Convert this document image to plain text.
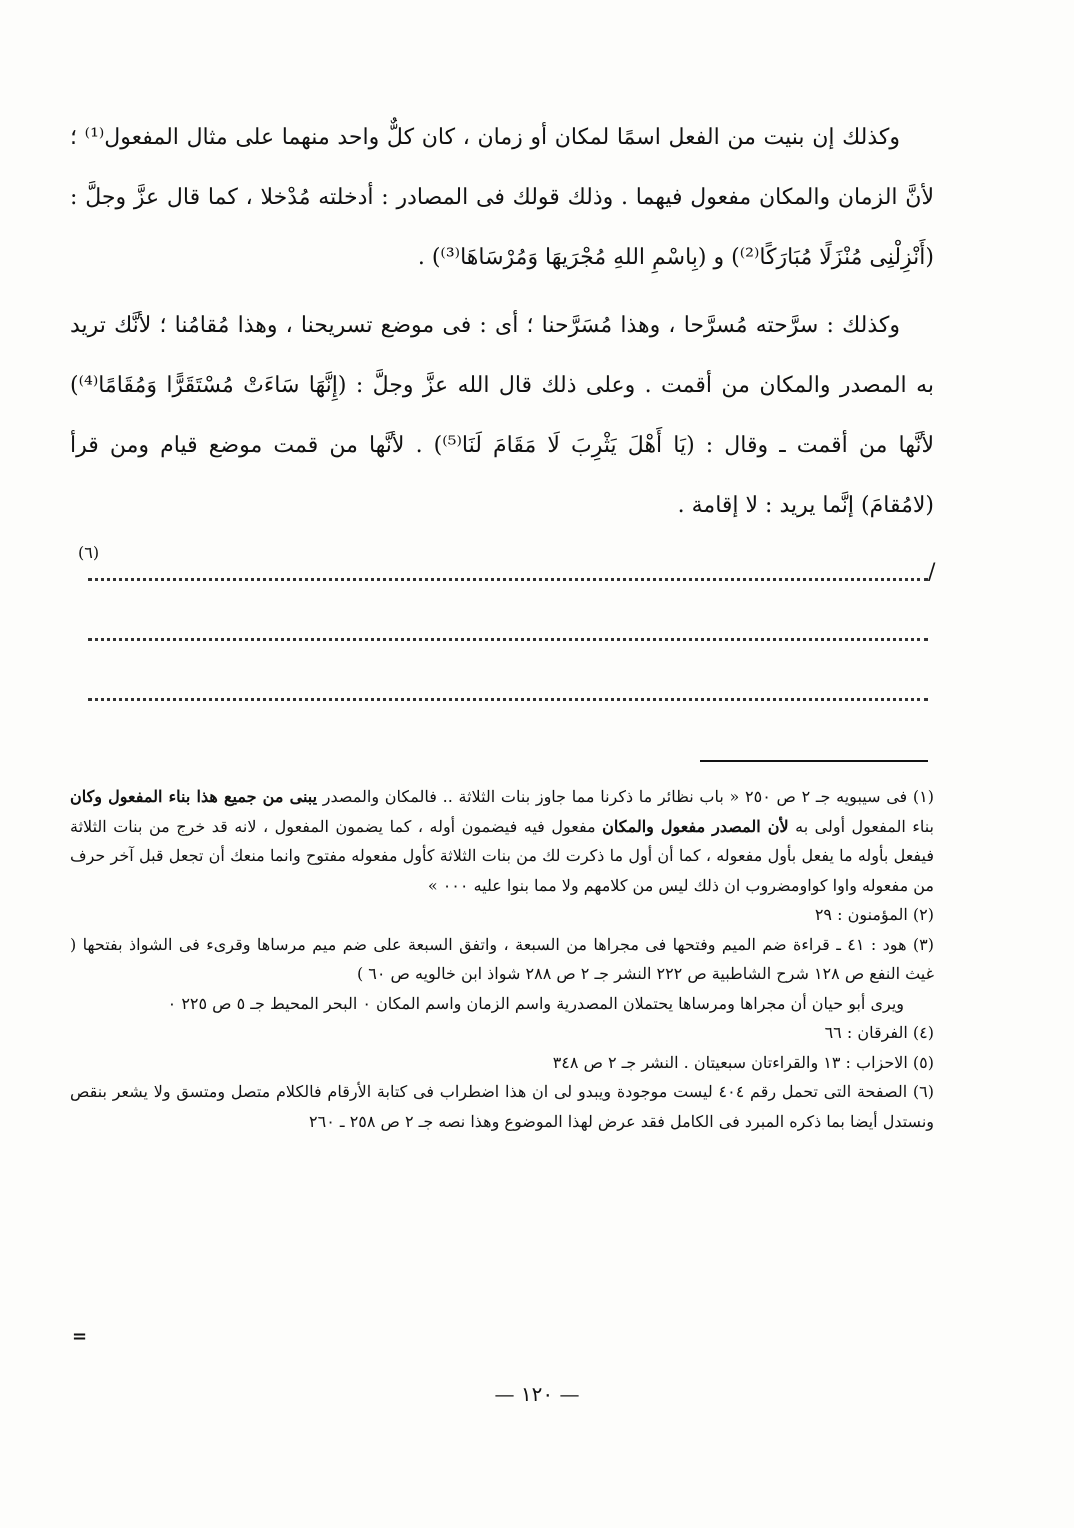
وكذلك إن بنيت من الفعل اسمًا لمكان أو زمان ، كان كلٌّ واحد منهما على مثال المفعول⁽¹⁾ ؛ لأنَّ الزمان والمكان مفعول فيهما . وذلك قولك فى المصادر : أدخلته مُدْخلا ، كما قال عزَّ وجلَّ : (أَنْزِلْنِى مُنْزَلًا مُبَارَكًا⁽²⁾) و (بِاسْمِ اللهِ مُجْرَيهَا وَمُرْسَاهَا⁽³⁾) .

وكذلك : سرَّحته مُسرَّحا ، وهذا مُسَرَّحنا ؛ أى : فى موضع تسريحنا ، وهذا مُقامُنا ؛ لأنَّك تريد به المصدر والمكان من أقمت . وعلى ذلك قال الله عزَّ وجلَّ : (إِنَّهَا سَاءَتْ مُسْتَقَرًّا وَمُقَامًا⁽⁴⁾) لأنَّها من أقمت ـ وقال : (يَا أَهْلَ يَثْرِبَ لَا مَقَامَ لَنَا⁽⁵⁾) . لأنَّها من قمت موضع قيام ومن قرأ (لامُقامَ) إنَّما يريد : لا إقامة .

(٦)
/

(١) فى سيبويه جـ ٢ ص ٢٥٠ « باب نظائر ما ذكرنا مما جاوز بنات الثلاثة .. فالمكان والمصدر يبنى من جميع هذا بناء المفعول وكان بناء المفعول أولى به لأن المصدر مفعول والمكان مفعول فيه فيضمون أوله ، كما يضمون المفعول ، لانه قد خرج من بنات الثلاثة فيفعل بأوله ما يفعل بأول مفعوله ، كما أن أول ما ذكرت لك من بنات الثلاثة كأول مفعوله مفتوح وانما منعك أن تجعل قبل آخر حرف من مفعوله واوا كواومضروب ان ذلك ليس من كلامهم ولا مما بنوا عليه ٠٠٠ »

(٢) المؤمنون : ٢٩

(٣) هود : ٤١ ـ قراءة ضم الميم وفتحها فى مجراها من السبعة ، واتفق السبعة على ضم ميم مرساها وقرىء فى الشواذ بفتحها ( غيث النفع ص ١٢٨ شرح الشاطبية ص ٢٢٢ النشر جـ ٢ ص ٢٨٨ شواذ ابن خالويه ص ٦٠ )

ويرى أبو حيان أن مجراها ومرساها يحتملان المصدرية واسم الزمان واسم المكان ٠ البحر المحيط جـ ٥ ص ٢٢٥ ٠

(٤) الفرقان : ٦٦

(٥) الاحزاب : ١٣ والقراءتان سبعيتان . النشر جـ ٢ ص ٣٤٨

(٦) الصفحة التى تحمل رقم ٤٠٤ ليست موجودة ويبدو لى ان هذا اضطراب فى كتابة الأرقام فالكلام متصل ومتسق ولا يشعر بنقص ونستدل أيضا بما ذكره المبرد فى الكامل فقد عرض لهذا الموضوع وهذا نصه جـ ٢ ص ٢٥٨ ـ ٢٦٠

=
— ١٢٠ —
